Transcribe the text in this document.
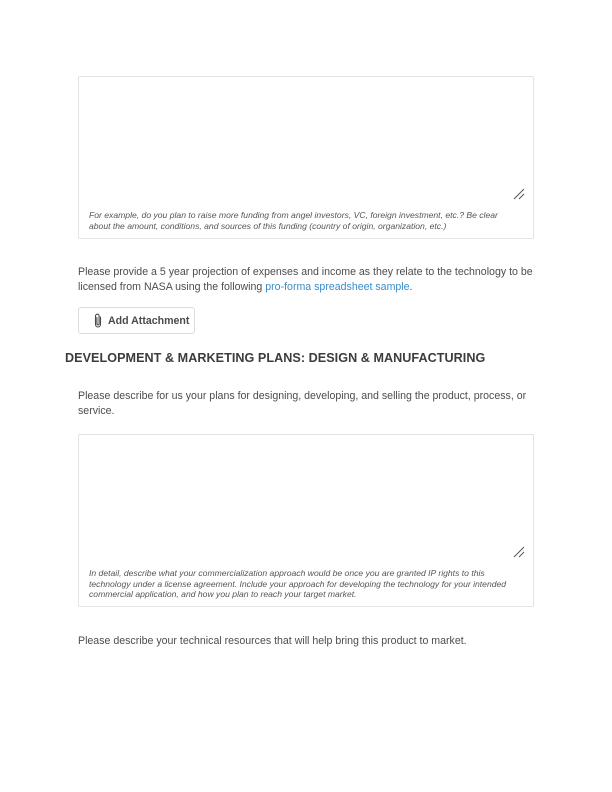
For example, do you plan to raise more funding from angel investors, VC, foreign investment, etc.? Be clear about the amount, conditions, and sources of this funding (country of origin, organization, etc.)
Please provide a 5 year projection of expenses and income as they relate to the technology to be licensed from NASA using the following pro-forma spreadsheet sample.
Add Attachment
DEVELOPMENT & MARKETING PLANS: DESIGN & MANUFACTURING
Please describe for us your plans for designing, developing, and selling the product, process, or service.
In detail, describe what your commercialization approach would be once you are granted IP rights to this technology under a license agreement. Include your approach for developing the technology for your intended commercial application, and how you plan to reach your target market.
Please describe your technical resources that will help bring this product to market.
